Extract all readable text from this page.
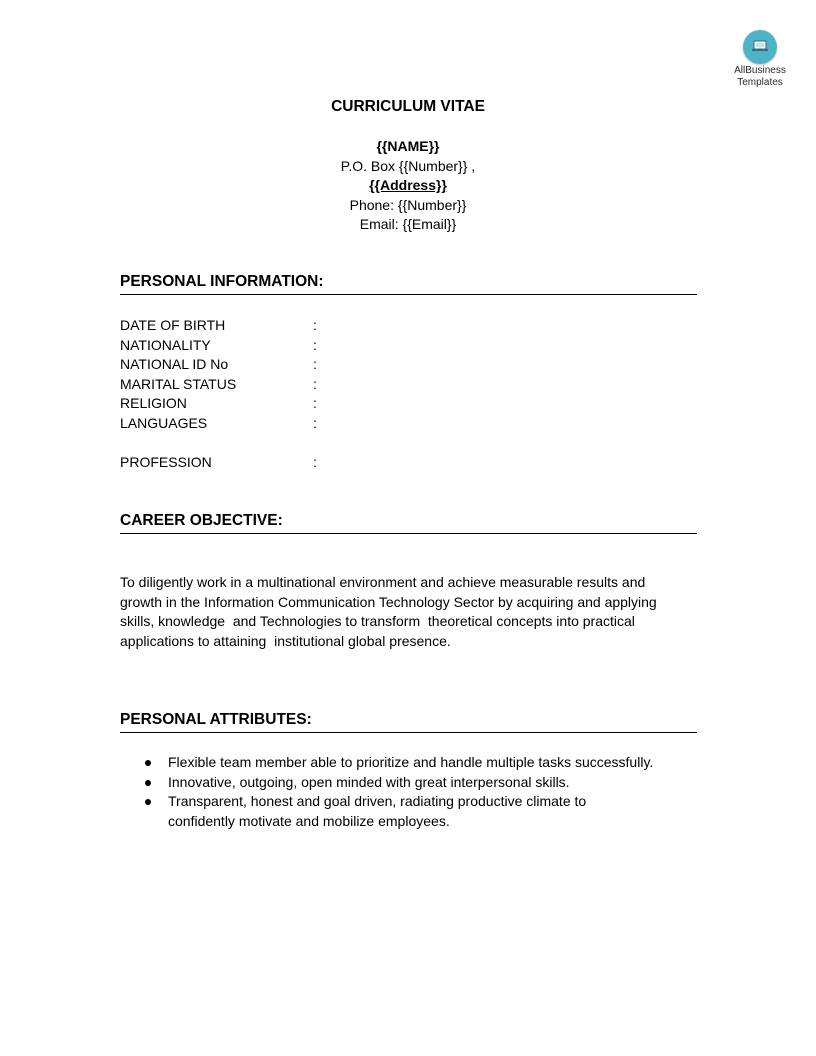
AllBusiness
Templates
CURRICULUM VITAE
{{NAME}}
P.O. Box {{Number}} ,
{{Address}}
Phone: {{Number}}
Email: {{Email}}
PERSONAL INFORMATION:
DATE OF BIRTH	:
NATIONALITY	:
NATIONAL ID No	:
MARITAL STATUS	:
RELIGION	:
LANGUAGES	:
PROFESSION	:
CAREER OBJECTIVE:
To diligently work in a multinational environment and achieve measurable results and
growth in the Information Communication Technology Sector by acquiring and applying
skills, knowledge  and Technologies to transform  theoretical concepts into practical
applications to attaining  institutional global presence.
PERSONAL ATTRIBUTES:
Flexible team member able to prioritize and handle multiple tasks successfully.
Innovative, outgoing, open minded with great interpersonal skills.
Transparent, honest and goal driven, radiating productive climate to
confidently motivate and mobilize employees.
